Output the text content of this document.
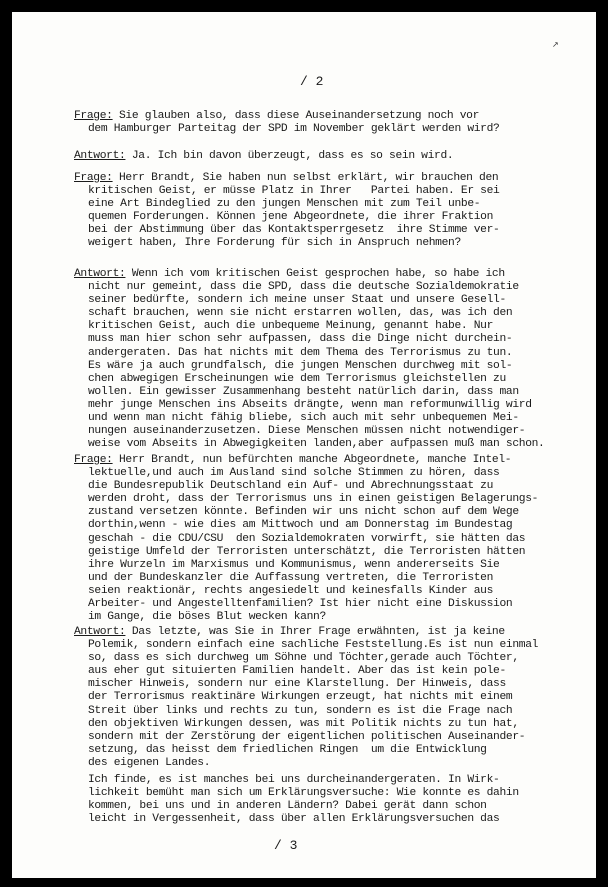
↗
/ 2
Frage: Sie glauben also, dass diese Auseinandersetzung noch vor
dem Hamburger Parteitag der SPD im November geklärt werden wird?
Antwort: Ja. Ich bin davon überzeugt, dass es so sein wird.
Frage: Herr Brandt, Sie haben nun selbst erklärt, wir brauchen den
kritischen Geist, er müsse Platz in Ihrer   Partei haben. Er sei
eine Art Bindeglied zu den jungen Menschen mit zum Teil unbe-
quemen Forderungen. Können jene Abgeordnete, die ihrer Fraktion
bei der Abstimmung über das Kontaktsperrgesetz  ihre Stimme ver-
weigert haben, Ihre Forderung für sich in Anspruch nehmen?
Antwort: Wenn ich vom kritischen Geist gesprochen habe, so habe ich
nicht nur gemeint, dass die SPD, dass die deutsche Sozialdemokratie
seiner bedürfte, sondern ich meine unser Staat und unsere Gesell-
schaft brauchen, wenn sie nicht erstarren wollen, das, was ich den
kritischen Geist, auch die unbequeme Meinung, genannt habe. Nur
muss man hier schon sehr aufpassen, dass die Dinge nicht durchein-
andergeraten. Das hat nichts mit dem Thema des Terrorismus zu tun.
Es wäre ja auch grundfalsch, die jungen Menschen durchweg mit sol-
chen abwegigen Erscheinungen wie dem Terrorismus gleichstellen zu
wollen. Ein gewisser Zusammenhang besteht natürlich darin, dass man
mehr junge Menschen ins Abseits drängte, wenn man reformunwillig wird
und wenn man nicht fähig bliebe, sich auch mit sehr unbequemen Mei-
nungen auseinanderzusetzen. Diese Menschen müssen nicht notwendiger-
weise vom Abseits in Abwegigkeiten landen,aber aufpassen muß man schon.
Frage: Herr Brandt, nun befürchten manche Abgeordnete, manche Intel-
lektuelle,und auch im Ausland sind solche Stimmen zu hören, dass
die Bundesrepublik Deutschland ein Auf- und Abrechnungsstaat zu
werden droht, dass der Terrorismus uns in einen geistigen Belagerungs-
zustand versetzen könnte. Befinden wir uns nicht schon auf dem Wege
dorthin,wenn - wie dies am Mittwoch und am Donnerstag im Bundestag
geschah - die CDU/CSU  den Sozialdemokraten vorwirft, sie hätten das
geistige Umfeld der Terroristen unterschätzt, die Terroristen hätten
ihre Wurzeln im Marxismus und Kommunismus, wenn andererseits Sie
und der Bundeskanzler die Auffassung vertreten, die Terroristen
seien reaktionär, rechts angesiedelt und keinesfalls Kinder aus
Arbeiter- und Angestelltenfamilien? Ist hier nicht eine Diskussion
im Gange, die böses Blut wecken kann?
Antwort: Das letzte, was Sie in Ihrer Frage erwähnten, ist ja keine
Polemik, sondern einfach eine sachliche Feststellung.Es ist nun einmal
so, dass es sich durchweg um Söhne und Töchter,gerade auch Töchter,
aus eher gut situierten Familien handelt. Aber das ist kein pole-
mischer Hinweis, sondern nur eine Klarstellung. Der Hinweis, dass
der Terrorismus reaktinäre Wirkungen erzeugt, hat nichts mit einem
Streit über links und rechts zu tun, sondern es ist die Frage nach
den objektiven Wirkungen dessen, was mit Politik nichts zu tun hat,
sondern mit der Zerstörung der eigentlichen politischen Auseinander-
setzung, das heisst dem friedlichen Ringen  um die Entwicklung
des eigenen Landes.
Ich finde, es ist manches bei uns durcheinandergeraten. In Wirk-
lichkeit bemüht man sich um Erklärungsversuche: Wie konnte es dahin
kommen, bei uns und in anderen Ländern? Dabei gerät dann schon
leicht in Vergessenheit, dass über allen Erklärungsversuchen das
/ 3
